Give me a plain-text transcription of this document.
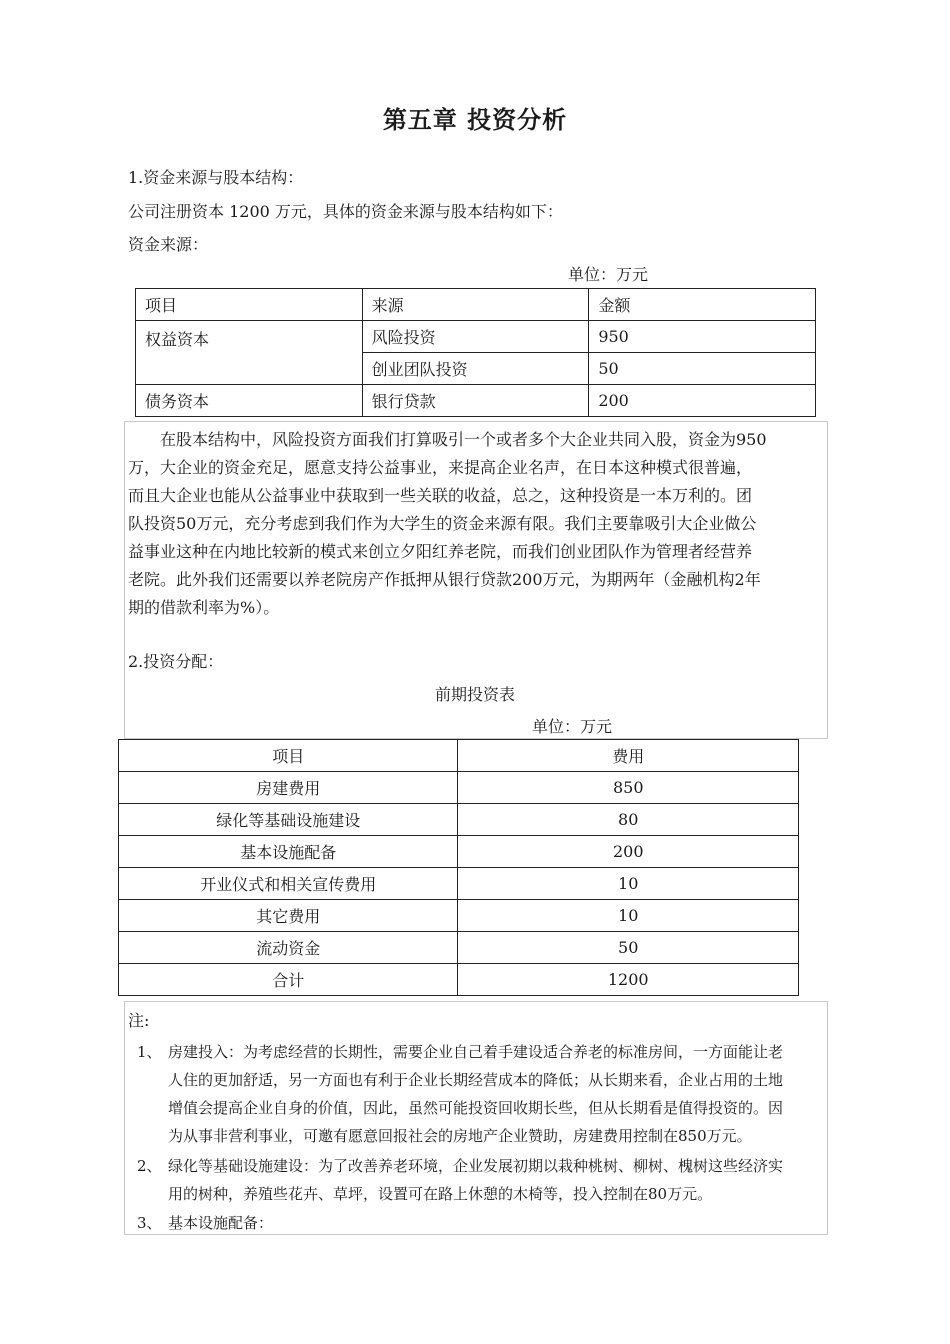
第五章 投资分析
1.资金来源与股本结构：
公司注册资本 1200 万元，具体的资金来源与股本结构如下：
资金来源：
单位：万元
项目	来源	金额
权益资本	风险投资	950
	创业团队投资	50
债务资本	银行贷款	200
在股本结构中，风险投资方面我们打算吸引一个或者多个大企业共同入股，资金为950
万，大企业的资金充足，愿意支持公益事业，来提高企业名声，在日本这种模式很普遍，
而且大企业也能从公益事业中获取到一些关联的收益，总之，这种投资是一本万利的。团
队投资50万元，充分考虑到我们作为大学生的资金来源有限。我们主要靠吸引大企业做公
益事业这种在内地比较新的模式来创立夕阳红养老院，而我们创业团队作为管理者经营养
老院。此外我们还需要以养老院房产作抵押从银行贷款200万元，为期两年（金融机构2年
期的借款利率为%）。
2.投资分配：
前期投资表
单位：万元
项目	费用
房建费用	850
绿化等基础设施建设	80
基本设施配备	200
开业仪式和相关宣传费用	10
其它费用	10
流动资金	50
合计	1200
注:
1、 房建投入：为考虑经营的长期性，需要企业自己着手建设适合养老的标准房间，一方面能让老
人住的更加舒适，另一方面也有利于企业长期经营成本的降低；从长期来看，企业占用的土地
增值会提高企业自身的价值，因此，虽然可能投资回收期长些，但从长期看是值得投资的。因
为从事非营利事业，可邀有愿意回报社会的房地产企业赞助，房建费用控制在850万元。
2、 绿化等基础设施建设：为了改善养老环境，企业发展初期以栽种桃树、柳树、槐树这些经济实
用的树种，养殖些花卉、草坪，设置可在路上休憩的木椅等，投入控制在80万元。
3、 基本设施配备：
